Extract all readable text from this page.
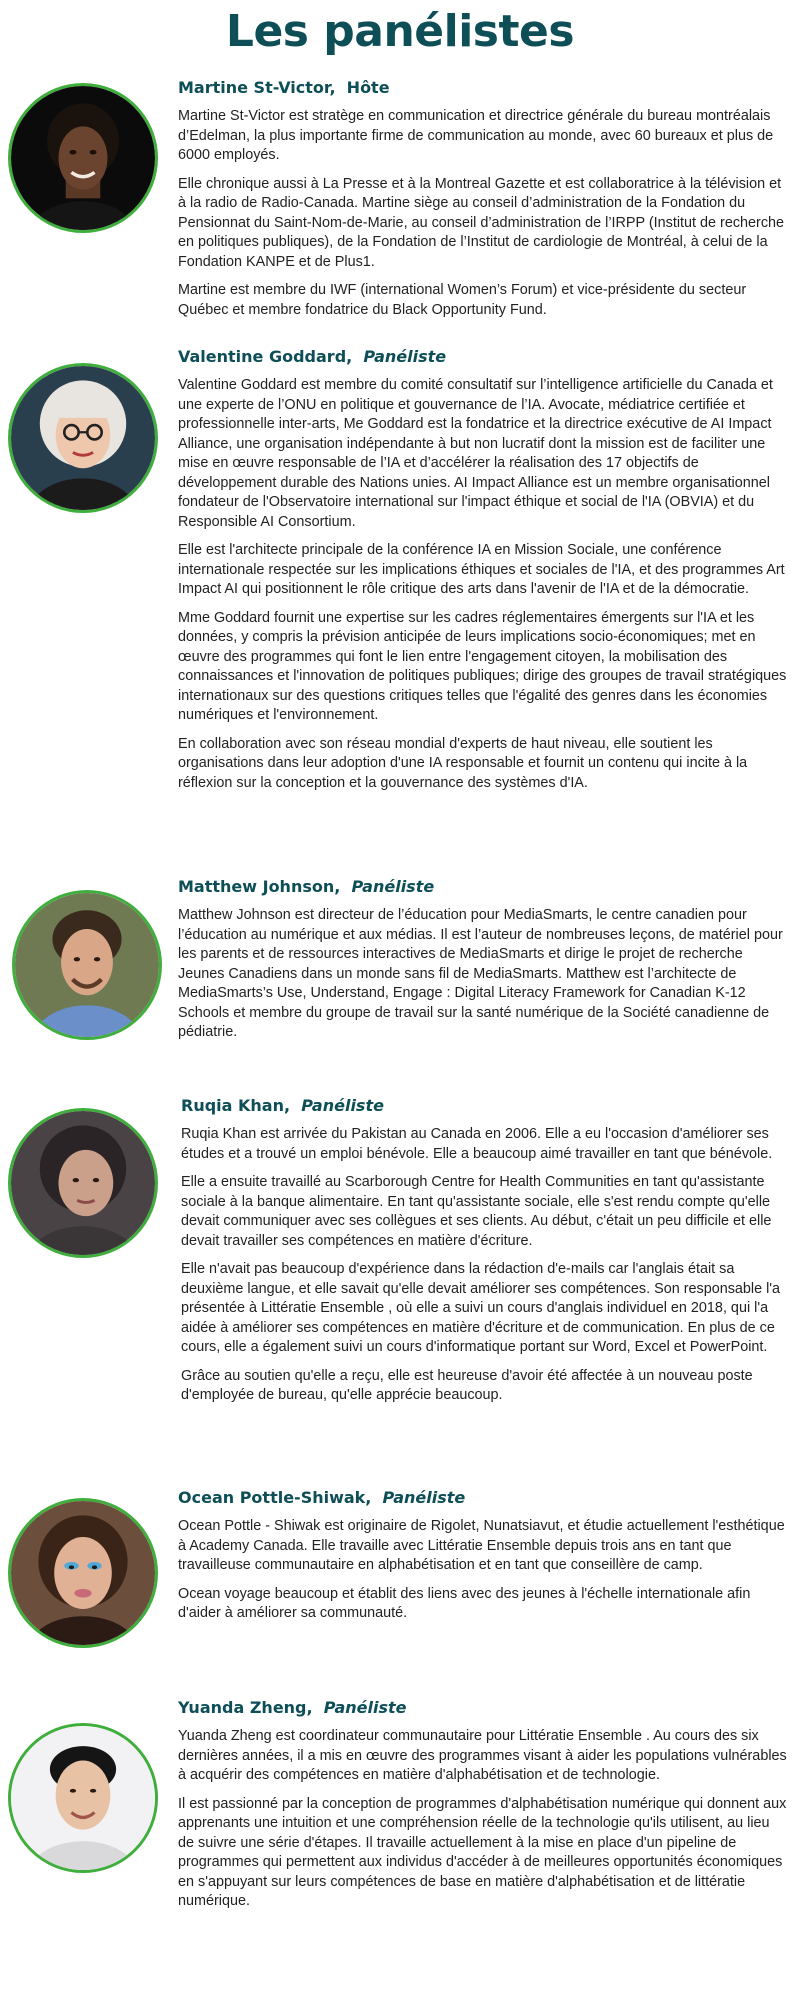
Les panélistes

Martine St-Victor, Hôte

Martine St-Victor est stratège en communication et directrice générale du bureau montréalais d’Edelman, la plus importante firme de communication au monde, avec 60 bureaux et plus de 6000 employés.

Elle chronique aussi à La Presse et à la Montreal Gazette et est collaboratrice à la télévision et à la radio de Radio-Canada. Martine siège au conseil d’administration de la Fondation du Pensionnat du Saint-Nom-de-Marie, au conseil d’administration de l’IRPP (Institut de recherche en politiques publiques), de la Fondation de l’Institut de cardiologie de Montréal, à celui de la Fondation KANPE et de Plus1.

Martine est membre du IWF (international Women’s Forum) et vice-présidente du secteur Québec et membre fondatrice du Black Opportunity Fund.

Valentine Goddard, Panéliste

Valentine Goddard est membre du comité consultatif sur l’intelligence artificielle du Canada et une experte de l’ONU en politique et gouvernance de l’IA. Avocate, médiatrice certifiée et professionnelle inter-arts, Me Goddard est la fondatrice et la directrice exécutive de AI Impact Alliance, une organisation indépendante à but non lucratif dont la mission est de faciliter une mise en œuvre responsable de l’IA et d’accélérer la réalisation des 17 objectifs de développement durable des Nations unies. AI Impact Alliance est un membre organisationnel fondateur de l'Observatoire international sur l'impact éthique et social de l'IA (OBVIA) et du Responsible AI Consortium.

Elle est l'architecte principale de la conférence IA en Mission Sociale, une conférence internationale respectée sur les implications éthiques et sociales de l'IA, et des programmes Art Impact AI qui positionnent le rôle critique des arts dans l'avenir de l'IA et de la démocratie.

Mme Goddard fournit une expertise sur les cadres réglementaires émergents sur l'IA et les données, y compris la prévision anticipée de leurs implications socio-économiques; met en œuvre des programmes qui font le lien entre l'engagement citoyen, la mobilisation des connaissances et l'innovation de politiques publiques; dirige des groupes de travail stratégiques internationaux sur des questions critiques telles que l'égalité des genres dans les économies numériques et l'environnement.

En collaboration avec son réseau mondial d'experts de haut niveau, elle soutient les organisations dans leur adoption d'une IA responsable et fournit un contenu qui incite à la réflexion sur la conception et la gouvernance des systèmes d'IA.

Matthew Johnson, Panéliste

Matthew Johnson est directeur de l’éducation pour MediaSmarts, le centre canadien pour l’éducation au numérique et aux médias. Il est l’auteur de nombreuses leçons, de matériel pour les parents et de ressources interactives de MediaSmarts et dirige le projet de recherche Jeunes Canadiens dans un monde sans fil de MediaSmarts. Matthew est l’architecte de MediaSmarts’s Use, Understand, Engage : Digital Literacy Framework for Canadian K-12 Schools et membre du groupe de travail sur la santé numérique de la Société canadienne de pédiatrie.

Ruqia Khan, Panéliste

Ruqia Khan est arrivée du Pakistan au Canada en 2006. Elle a eu l'occasion d'améliorer ses études et a trouvé un emploi bénévole. Elle a beaucoup aimé travailler en tant que bénévole.

Elle a ensuite travaillé au Scarborough Centre for Health Communities en tant qu'assistante sociale à la banque alimentaire. En tant qu'assistante sociale, elle s'est rendu compte qu'elle devait communiquer avec ses collègues et ses clients. Au début, c'était un peu difficile et elle devait travailler ses compétences en matière d'écriture.

Elle n'avait pas beaucoup d'expérience dans la rédaction d'e-mails car l'anglais était sa deuxième langue, et elle savait qu'elle devait améliorer ses compétences. Son responsable l'a présentée à Littératie Ensemble , où elle a suivi un cours d'anglais individuel en 2018, qui l'a aidée à améliorer ses compétences en matière d'écriture et de communication. En plus de ce cours, elle a également suivi un cours d'informatique portant sur Word, Excel et PowerPoint.

Grâce au soutien qu'elle a reçu, elle est heureuse d'avoir été affectée à un nouveau poste d'employée de bureau, qu'elle apprécie beaucoup.

Ocean Pottle-Shiwak, Panéliste

Ocean Pottle - Shiwak est originaire de Rigolet, Nunatsiavut, et étudie actuellement l'esthétique à Academy Canada. Elle travaille avec Littératie Ensemble depuis trois ans en tant que travailleuse communautaire en alphabétisation et en tant que conseillère de camp.

Ocean voyage beaucoup et établit des liens avec des jeunes à l'échelle internationale afin d'aider à améliorer sa communauté.

Yuanda Zheng, Panéliste

Yuanda Zheng est coordinateur communautaire pour Littératie Ensemble . Au cours des six dernières années, il a mis en œuvre des programmes visant à aider les populations vulnérables à acquérir des compétences en matière d'alphabétisation et de technologie.

Il est passionné par la conception de programmes d'alphabétisation numérique qui donnent aux apprenants une intuition et une compréhension réelle de la technologie qu'ils utilisent, au lieu de suivre une série d'étapes. Il travaille actuellement à la mise en place d'un pipeline de programmes qui permettent aux individus d'accéder à de meilleures opportunités économiques en s'appuyant sur leurs compétences de base en matière d'alphabétisation et de littératie numérique.
